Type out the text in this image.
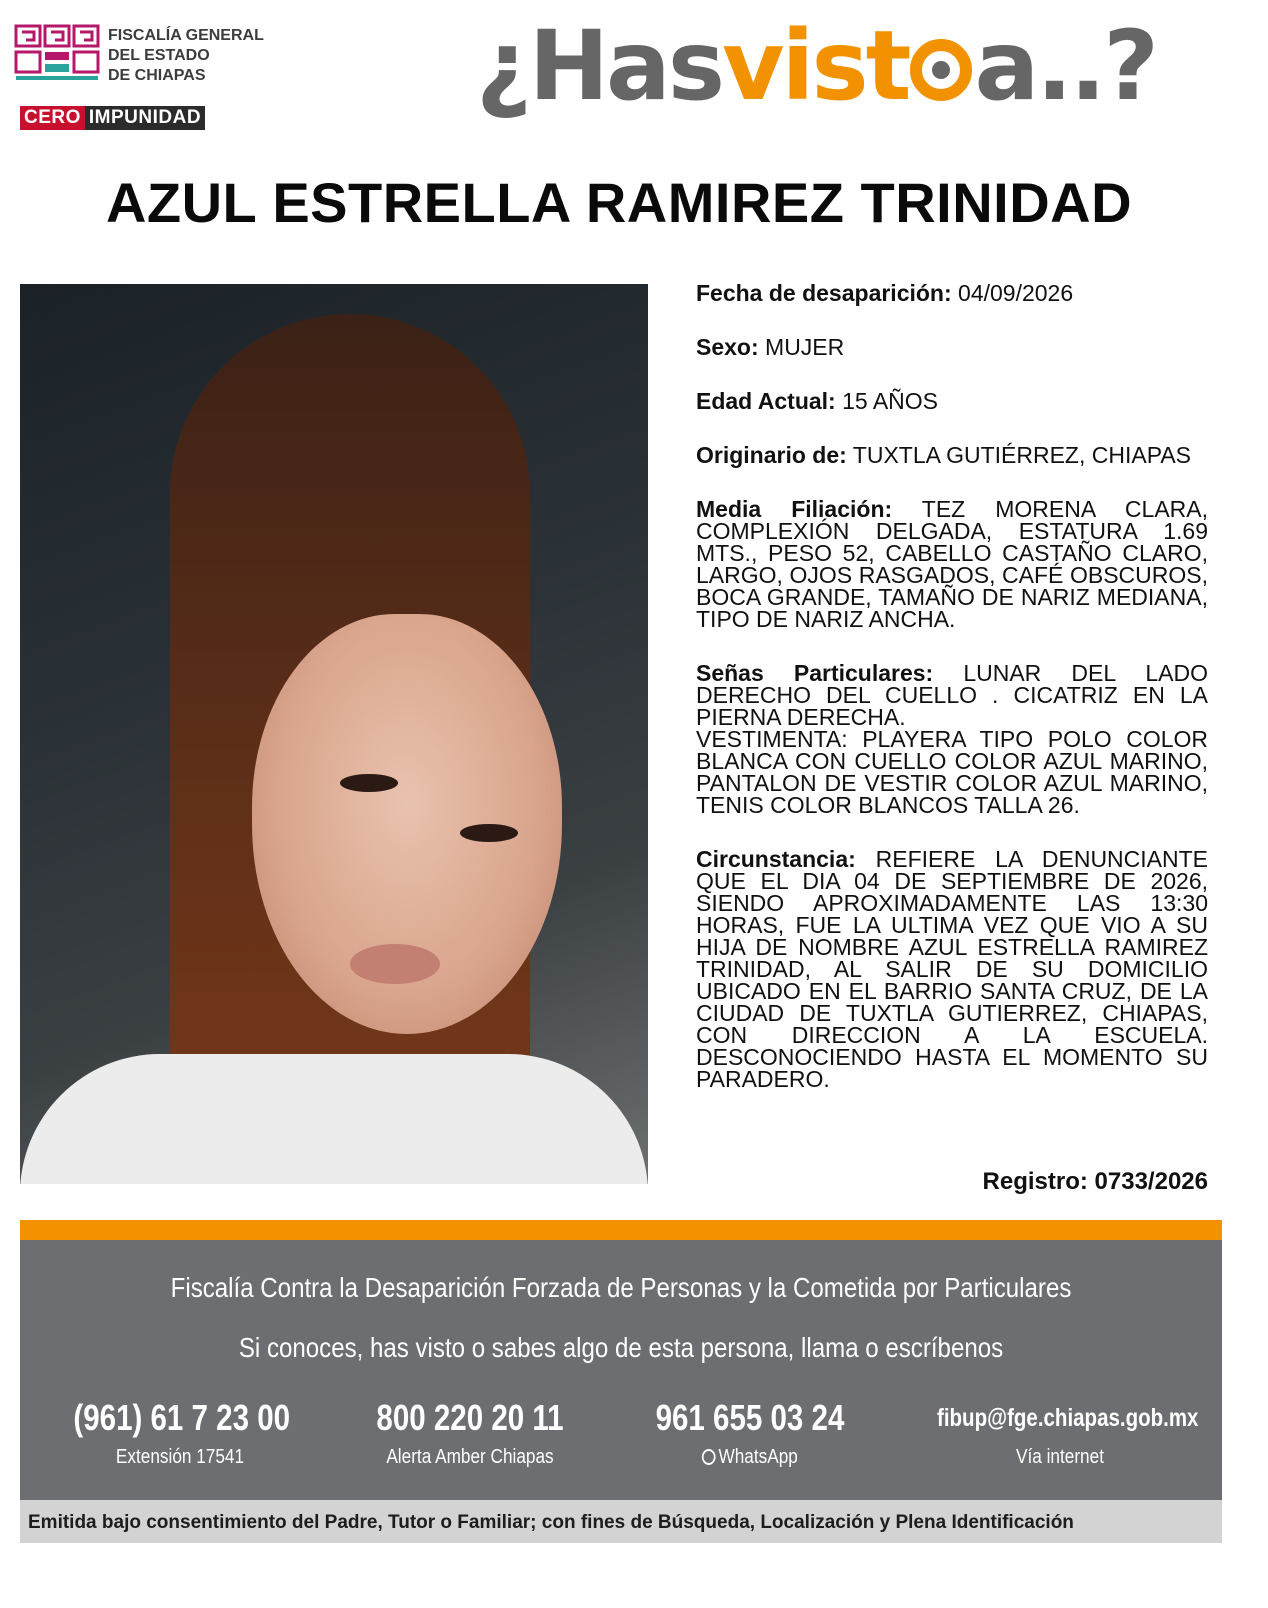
FISCALÍA GENERAL
DEL ESTADO
DE CHIAPAS
CERO IMPUNIDAD	¿Hasvist a..?
AZUL ESTRELLA RAMIREZ TRINIDAD
Fecha de desaparición: 04/09/2026
Sexo: MUJER
Edad Actual: 15 AÑOS
Originario de: TUXTLA GUTIÉRREZ, CHIAPAS
Media Filiación: TEZ MORENA CLARA, COMPLEXIÓN DELGADA, ESTATURA 1.69 MTS., PESO 52, CABELLO CASTAÑO CLARO, LARGO, OJOS RASGADOS, CAFÉ OBSCUROS, BOCA GRANDE, TAMAÑO DE NARIZ MEDIANA, TIPO DE NARIZ ANCHA.
Señas Particulares: LUNAR DEL LADO DERECHO DEL CUELLO . CICATRIZ EN LA PIERNA DERECHA.
VESTIMENTA: PLAYERA TIPO POLO COLOR BLANCA CON CUELLO COLOR AZUL MARINO, PANTALON DE VESTIR COLOR AZUL MARINO, TENIS COLOR BLANCOS TALLA 26.
Circunstancia: REFIERE LA DENUNCIANTE QUE EL DIA 04 DE SEPTIEMBRE DE 2026, SIENDO APROXIMADAMENTE LAS 13:30 HORAS, FUE LA ULTIMA VEZ QUE VIO A SU HIJA DE NOMBRE AZUL ESTRELLA RAMIREZ TRINIDAD, AL SALIR DE SU DOMICILIO UBICADO EN EL BARRIO SANTA CRUZ, DE LA CIUDAD DE TUXTLA GUTIERREZ, CHIAPAS, CON DIRECCION A LA ESCUELA. DESCONOCIENDO HASTA EL MOMENTO SU PARADERO.
Registro: 0733/2026
Fiscalía Contra la Desaparición Forzada de Personas y la Cometida por Particulares
Si conoces, has visto o sabes algo de esta persona, llama o escríbenos
(961) 61 7 23 00
Extensión 17541
800 220 20 11
Alerta Amber Chiapas
961 655 03 24
WhatsApp
fibup@fge.chiapas.gob.mx
Vía internet
Emitida bajo consentimiento del Padre, Tutor o Familiar; con fines de Búsqueda, Localización y Plena Identificación
